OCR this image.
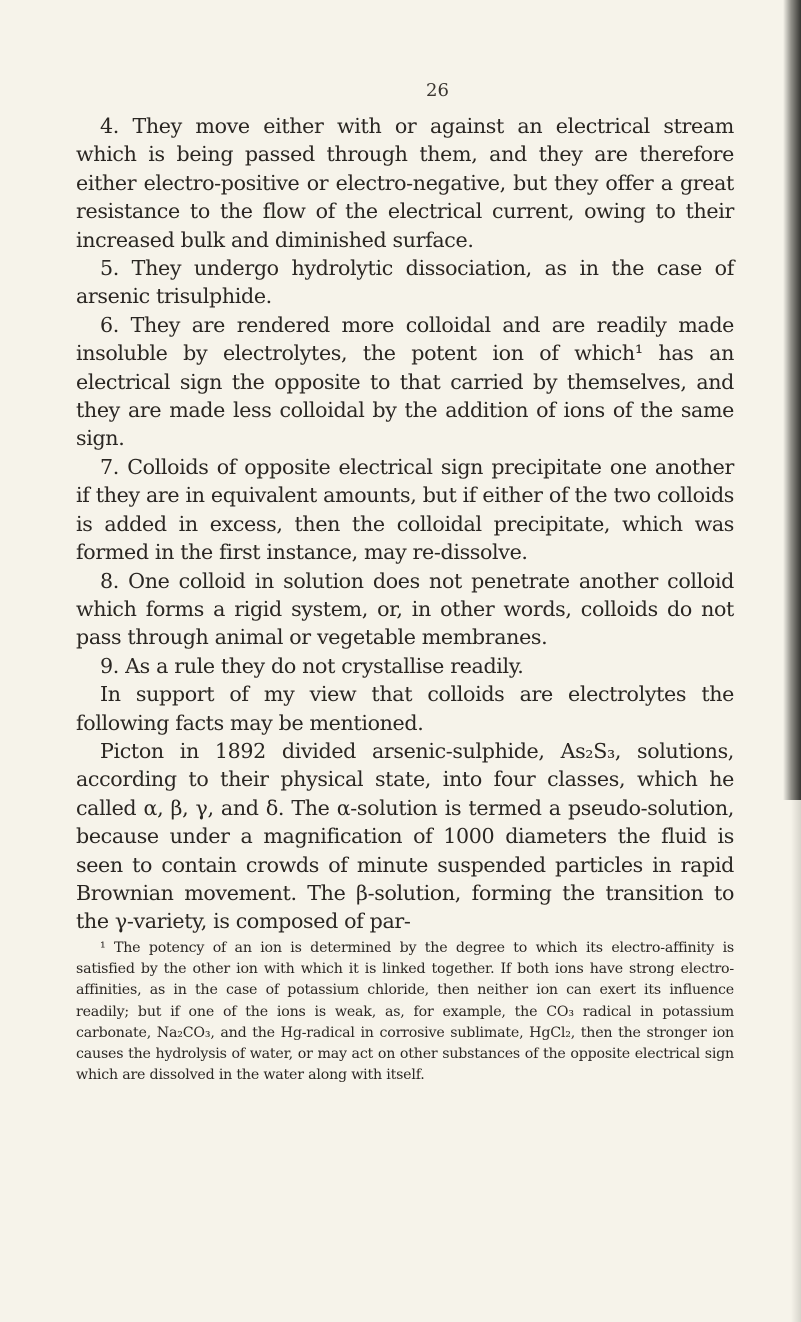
26

4. They move either with or against an electrical stream which is being passed through them, and they are therefore either electro-positive or electro-negative, but they offer a great resistance to the flow of the electrical current, owing to their increased bulk and diminished surface.

5. They undergo hydrolytic dissociation, as in the case of arsenic trisulphide.

6. They are rendered more colloidal and are readily made insoluble by electrolytes, the potent ion of which¹ has an electrical sign the opposite to that carried by themselves, and they are made less colloidal by the addition of ions of the same sign.

7. Colloids of opposite electrical sign precipitate one another if they are in equivalent amounts, but if either of the two colloids is added in excess, then the colloidal precipitate, which was formed in the first instance, may re-dissolve.

8. One colloid in solution does not penetrate another colloid which forms a rigid system, or, in other words, colloids do not pass through animal or vegetable membranes.

9. As a rule they do not crystallise readily.

In support of my view that colloids are electrolytes the following facts may be mentioned.

Picton in 1892 divided arsenic-sulphide, As₂S₃, solutions, according to their physical state, into four classes, which he called α, β, γ, and δ. The α-solution is termed a pseudo-solution, because under a magnification of 1000 diameters the fluid is seen to contain crowds of minute suspended particles in rapid Brownian movement. The β-solution, forming the transition to the γ-variety, is composed of par-

¹ The potency of an ion is determined by the degree to which its electro-affinity is satisfied by the other ion with which it is linked together. If both ions have strong electro-affinities, as in the case of potassium chloride, then neither ion can exert its influence readily; but if one of the ions is weak, as, for example, the CO₃ radical in potassium carbonate, Na₂CO₃, and the Hg-radical in corrosive sublimate, HgCl₂, then the stronger ion causes the hydrolysis of water, or may act on other substances of the opposite electrical sign which are dissolved in the water along with itself.
